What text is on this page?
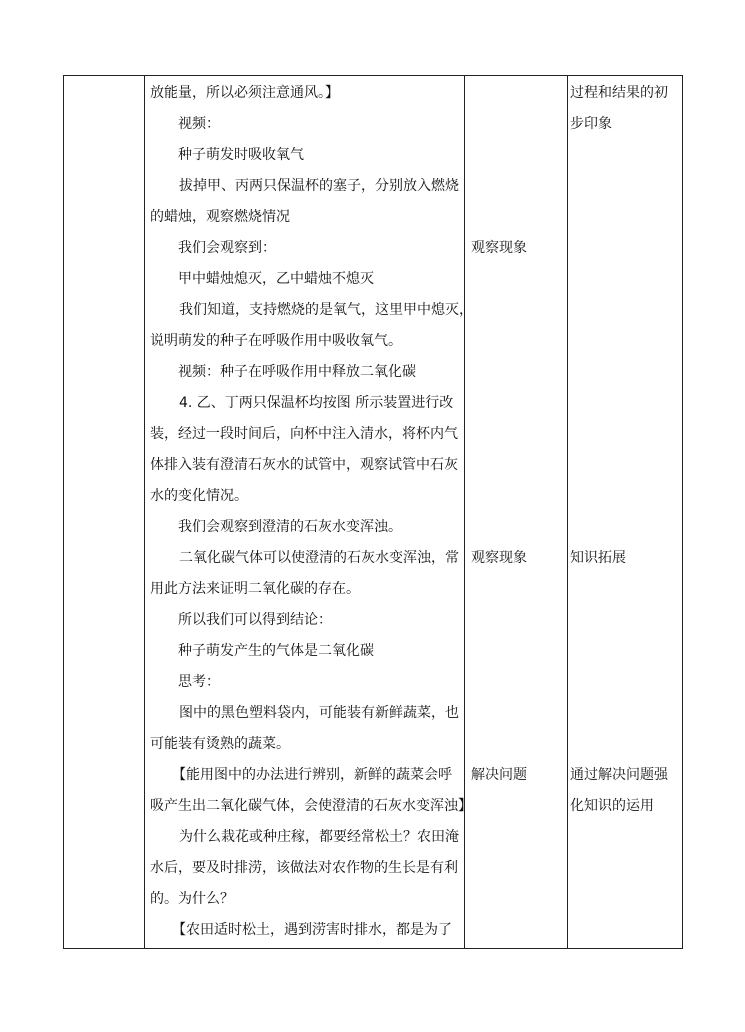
放能量，所以必须注意通风。】
视频：
种子萌发时吸收氧气
拔掉甲、丙两只保温杯的塞子，分别放入燃烧
的蜡烛，观察燃烧情况
我们会观察到：
甲中蜡烛熄灭，乙中蜡烛不熄灭
我们知道，支持燃烧的是氧气，这里甲中熄灭，
说明萌发的种子在呼吸作用中吸收氧气。
视频：种子在呼吸作用中释放二氧化碳
4. 乙、丁两只保温杯均按图 所示装置进行改
装，经过一段时间后，向杯中注入清水，将杯内气
体排入装有澄清石灰水的试管中，观察试管中石灰
水的变化情况。
我们会观察到澄清的石灰水变浑浊。
二氧化碳气体可以使澄清的石灰水变浑浊，常
用此方法来证明二氧化碳的存在。
所以我们可以得到结论：
种子萌发产生的气体是二氧化碳
思考：
图中的黑色塑料袋内，可能装有新鲜蔬菜，也
可能装有烫熟的蔬菜。
【能用图中的办法进行辨别，新鲜的蔬菜会呼
吸产生出二氧化碳气体，会使澄清的石灰水变浑浊】
为什么栽花或种庄稼，都要经常松土？农田淹
水后，要及时排涝，该做法对农作物的生长是有利
的。为什么？
【农田适时松土，遇到涝害时排水，都是为了
观察现象
观察现象
解决问题
过程和结果的初
步印象
知识拓展
通过解决问题强
化知识的运用
